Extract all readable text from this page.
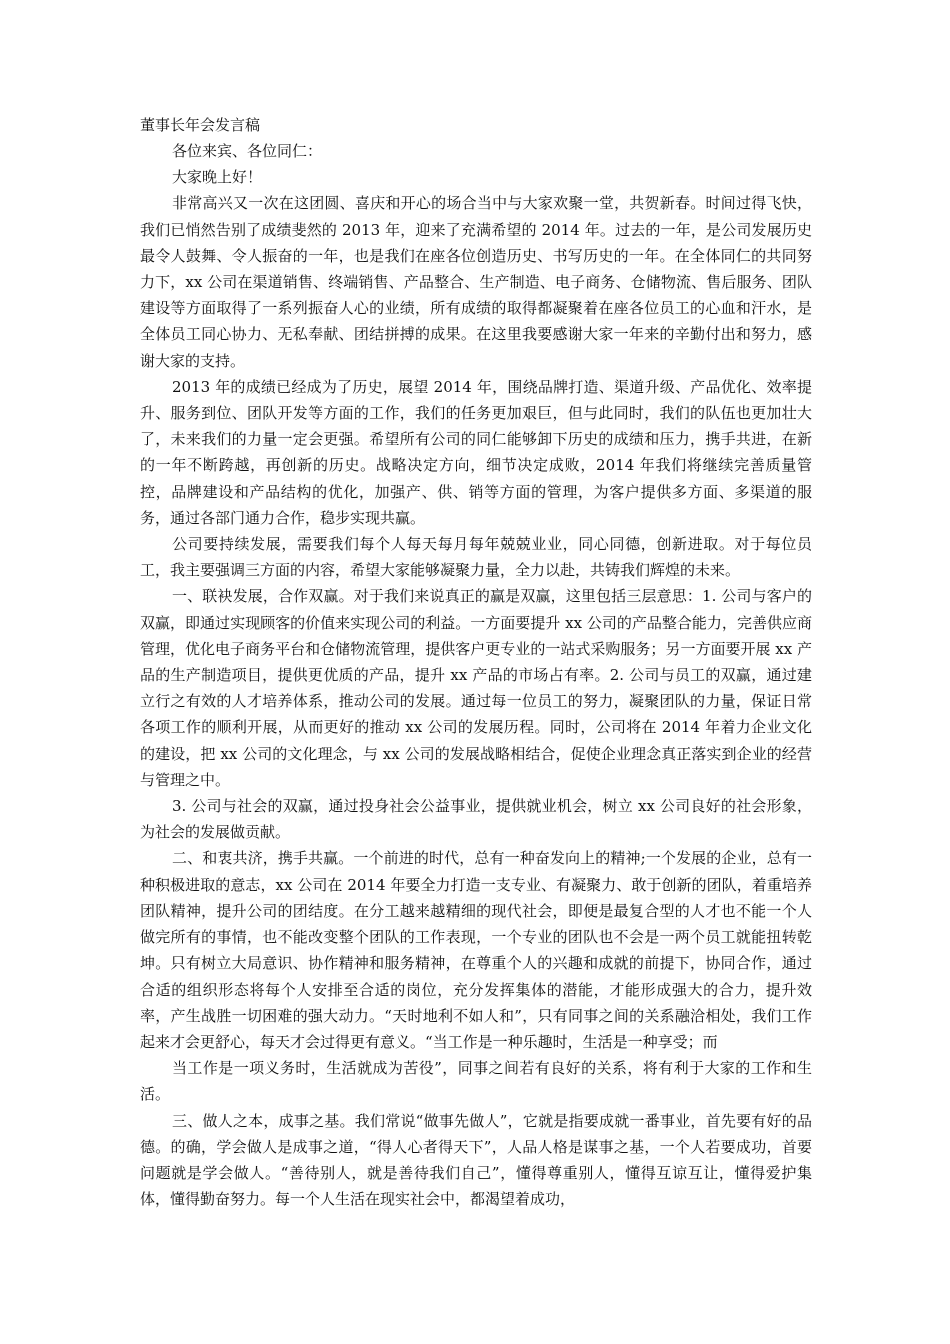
董事长年会发言稿

各位来宾、各位同仁：

大家晚上好！

非常高兴又一次在这团圆、喜庆和开心的场合当中与大家欢聚一堂，共贺新春。时间过得飞快，我们已悄然告别了成绩斐然的 2013 年，迎来了充满希望的 2014 年。过去的一年，是公司发展历史最令人鼓舞、令人振奋的一年，也是我们在座各位创造历史、书写历史的一年。在全体同仁的共同努力下，xx 公司在渠道销售、终端销售、产品整合、生产制造、电子商务、仓储物流、售后服务、团队建设等方面取得了一系列振奋人心的业绩，所有成绩的取得都凝聚着在座各位员工的心血和汗水，是全体员工同心协力、无私奉献、团结拼搏的成果。在这里我要感谢大家一年来的辛勤付出和努力，感谢大家的支持。

2013 年的成绩已经成为了历史，展望 2014 年，围绕品牌打造、渠道升级、产品优化、效率提升、服务到位、团队开发等方面的工作，我们的任务更加艰巨，但与此同时，我们的队伍也更加壮大了，未来我们的力量一定会更强。希望所有公司的同仁能够卸下历史的成绩和压力，携手共进，在新的一年不断跨越，再创新的历史。战略决定方向，细节决定成败，2014 年我们将继续完善质量管控，品牌建设和产品结构的优化，加强产、供、销等方面的管理，为客户提供多方面、多渠道的服务，通过各部门通力合作，稳步实现共赢。

公司要持续发展，需要我们每个人每天每月每年兢兢业业，同心同德，创新进取。对于每位员工，我主要强调三方面的内容，希望大家能够凝聚力量，全力以赴，共铸我们辉煌的未来。

一、联袂发展，合作双赢。对于我们来说真正的赢是双赢，这里包括三层意思：1. 公司与客户的双赢，即通过实现顾客的价值来实现公司的利益。一方面要提升 xx 公司的产品整合能力，完善供应商管理，优化电子商务平台和仓储物流管理，提供客户更专业的一站式采购服务；另一方面要开展 xx 产品的生产制造项目，提供更优质的产品，提升 xx 产品的市场占有率。2. 公司与员工的双赢，通过建立行之有效的人才培养体系，推动公司的发展。通过每一位员工的努力，凝聚团队的力量，保证日常各项工作的顺利开展，从而更好的推动 xx 公司的发展历程。同时，公司将在 2014 年着力企业文化的建设，把 xx 公司的文化理念，与 xx 公司的发展战略相结合，促使企业理念真正落实到企业的经营与管理之中。

3. 公司与社会的双赢，通过投身社会公益事业，提供就业机会，树立 xx 公司良好的社会形象，为社会的发展做贡献。

二、和衷共济，携手共赢。一个前进的时代，总有一种奋发向上的精神;一个发展的企业，总有一种积极进取的意志，xx 公司在 2014 年要全力打造一支专业、有凝聚力、敢于创新的团队，着重培养团队精神，提升公司的团结度。在分工越来越精细的现代社会，即便是最复合型的人才也不能一个人做完所有的事情，也不能改变整个团队的工作表现，一个专业的团队也不会是一两个员工就能扭转乾坤。只有树立大局意识、协作精神和服务精神，在尊重个人的兴趣和成就的前提下，协同合作，通过合适的组织形态将每个人安排至合适的岗位，充分发挥集体的潜能，才能形成强大的合力，提升效率，产生战胜一切困难的强大动力。“天时地利不如人和”，只有同事之间的关系融洽相处，我们工作起来才会更舒心，每天才会过得更有意义。“当工作是一种乐趣时，生活是一种享受；而

当工作是一项义务时，生活就成为苦役”，同事之间若有良好的关系，将有利于大家的工作和生活。

三、做人之本，成事之基。我们常说“做事先做人”，它就是指要成就一番事业，首先要有好的品德。的确，学会做人是成事之道，“得人心者得天下”，人品人格是谋事之基，一个人若要成功，首要问题就是学会做人。“善待别人，就是善待我们自己”，懂得尊重别人，懂得互谅互让，懂得爱护集体，懂得勤奋努力。每一个人生活在现实社会中，都渴望着成功，
